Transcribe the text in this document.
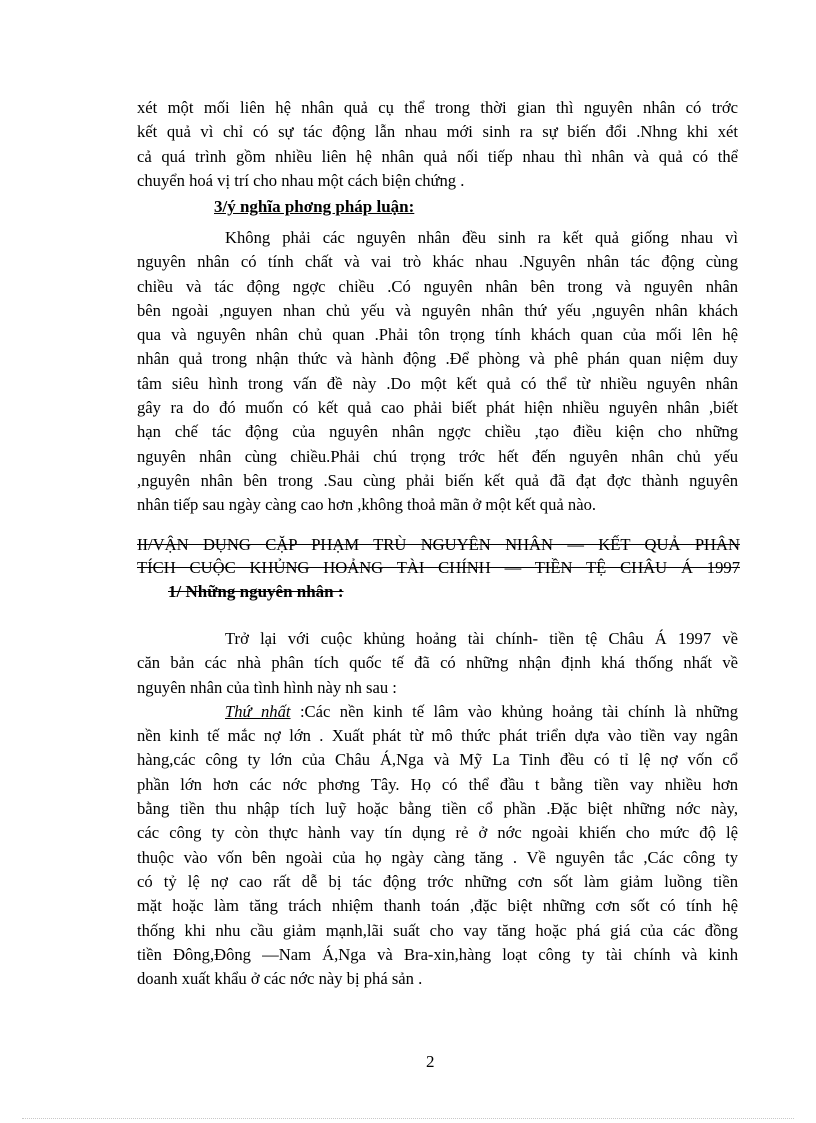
xét một mối liên hệ nhân quả cụ thể trong thời gian thì nguyên nhân có trớc
kết quả vì chỉ có sự tác động lẫn nhau mới sinh ra sự biến đổi .Nhng khi xét
cả quá trình gồm nhiều liên hệ nhân quả nối tiếp nhau thì nhân và quả có thể
chuyển hoá vị trí cho nhau một cách biện chứng .
3/ý nghĩa phơng pháp luận:
Không phải các nguyên nhân đều sinh ra kết quả giống nhau vì
nguyên nhân có tính chất và vai trò khác nhau .Nguyên nhân tác động cùng
chiều và tác động ngợc chiều .Có nguyên nhân bên trong và nguyên nhân
bên ngoài ,nguyen nhan chủ yếu và nguyên nhân thứ yếu ,nguyên nhân khách
qua và nguyên nhân chủ quan .Phải tôn trọng tính khách quan của mối lên hệ
nhân quả trong nhận thức và hành động .Để phòng và phê phán quan niệm duy
tâm siêu hình trong vấn đề này .Do một kết quả có thể từ nhiều nguyên nhân
gây ra do đó muốn có kết quả cao phải biết phát hiện nhiều nguyên nhân ,biết
hạn chế tác động của nguyên nhân ngợc chiều ,tạo điều kiện cho những
nguyên nhân cùng chiều.Phải chú trọng trớc hết đến nguyên nhân chủ yếu
,nguyên nhân bên trong .Sau cùng phải biến kết quả đã đạt đợc thành nguyên
nhân tiếp sau ngày càng cao hơn ,không thoả mãn ở một kết quả nào.
II/VẬN DỤNG CẶP PHẠM TRÙ NGUYÊN NHÂN — KẾT QUẢ PHÂN
TÍCH CUỘC KHỦNG HOẢNG TÀI CHÍNH — TIỀN TỆ CHÂU Á 1997
1/ Những nguyên nhân :
Trở lại với cuộc khủng hoảng tài chính- tiền tệ Châu Á 1997 về
căn bản các nhà phân tích quốc tế đã có những nhận định khá thống nhất về
nguyên nhân của tình hình này nh sau :
Thứ nhất :Các nền kinh tế lâm vào khủng hoảng tài chính là những
nền kinh tế mắc nợ lớn . Xuất phát từ mô thức phát triển dựa vào tiền vay ngân
hàng,các công ty lớn của Châu Á,Nga và Mỹ La Tinh đều có tỉ lệ nợ vốn cổ
phần lớn hơn các nớc phơng Tây. Họ có thể đầu t bằng tiền vay nhiều hơn
bằng tiền thu nhập tích luỹ hoặc bằng tiền cổ phần .Đặc biệt những nớc này,
các công ty còn thực hành vay tín dụng rẻ ở nớc ngoài khiến cho mức độ lệ
thuộc vào vốn bên ngoài của họ ngày càng tăng . Về nguyên tắc ,Các công ty
có tỷ lệ nợ cao rất dễ bị tác động trớc những cơn sốt làm giảm luồng tiền
mặt hoặc làm tăng trách nhiệm thanh toán ,đặc biệt những cơn sốt có tính hệ
thống khi nhu cầu giảm mạnh,lãi suất cho vay tăng hoặc phá giá của các đồng
tiền Đông,Đông —Nam Á,Nga và Bra-xin,hàng loạt công ty tài chính và kinh
doanh xuất khẩu ở các nớc này bị phá sản .
2
